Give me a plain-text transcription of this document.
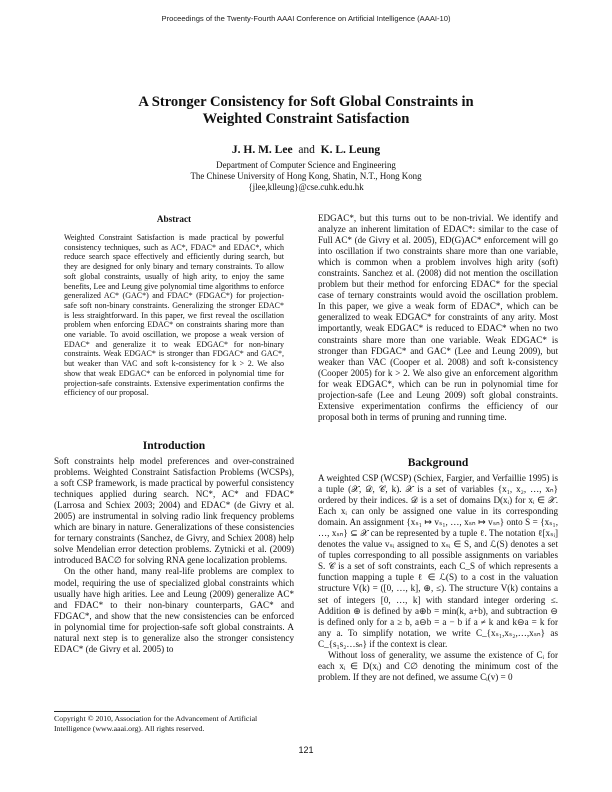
Proceedings of the Twenty-Fourth AAAI Conference on Artificial Intelligence (AAAI-10)
A Stronger Consistency for Soft Global Constraints in
Weighted Constraint Satisfaction
J. H. M. Lee and K. L. Leung
Department of Computer Science and Engineering
The Chinese University of Hong Kong, Shatin, N.T., Hong Kong
{jlee,klleung}@cse.cuhk.edu.hk
Abstract
Weighted Constraint Satisfaction is made practical by powerful consistency techniques, such as AC*, FDAC* and EDAC*, which reduce search space effectively and efficiently during search, but they are designed for only binary and ternary constraints. To allow soft global constraints, usually of high arity, to enjoy the same benefits, Lee and Leung give polynomial time algorithms to enforce generalized AC* (GAC*) and FDAC* (FDGAC*) for projection-safe soft non-binary constraints. Generalizing the stronger EDAC* is less straightforward. In this paper, we first reveal the oscillation problem when enforcing EDAC* on constraints sharing more than one variable. To avoid oscillation, we propose a weak version of EDAC* and generalize it to weak EDGAC* for non-binary constraints. Weak EDGAC* is stronger than FDGAC* and GAC*, but weaker than VAC and soft k-consistency for k > 2. We also show that weak EDGAC* can be enforced in polynomial time for projection-safe constraints. Extensive experimentation confirms the efficiency of our proposal.
Introduction

Soft constraints help model preferences and over-constrained problems. Weighted Constraint Satisfaction Problems (WCSPs), a soft CSP framework, is made practical by powerful consistency techniques applied during search. NC*, AC* and FDAC* (Larrosa and Schiex 2003; 2004) and EDAC* (de Givry et al. 2005) are instrumental in solving radio link frequency problems which are binary in nature. Generalizations of these consistencies for ternary constraints (Sanchez, de Givry, and Schiex 2008) help solve Mendelian error detection problems. Zytnicki et al. (2009) introduced BAC∅ for solving RNA gene localization problems.

On the other hand, many real-life problems are complex to model, requiring the use of specialized global constraints which usually have high arities. Lee and Leung (2009) generalize AC* and FDAC* to their non-binary counterparts, GAC* and FDGAC*, and show that the new consistencies can be enforced in polynomial time for projection-safe soft global constraints. A natural next step is to generalize also the stronger consistency EDAC* (de Givry et al. 2005) to

Copyright © 2010, Association for the Advancement of Artificial Intelligence (www.aaai.org). All rights reserved.

EDGAC*, but this turns out to be non-trivial. We identify and analyze an inherent limitation of EDAC*: similar to the case of Full AC* (de Givry et al. 2005), ED(G)AC* enforcement will go into oscillation if two constraints share more than one variable, which is common when a problem involves high arity (soft) constraints. Sanchez et al. (2008) did not mention the oscillation problem but their method for enforcing EDAC* for the special case of ternary constraints would avoid the oscillation problem. In this paper, we give a weak form of EDAC*, which can be generalized to weak EDGAC* for constraints of any arity. Most importantly, weak EDGAC* is reduced to EDAC* when no two constraints share more than one variable. Weak EDGAC* is stronger than FDGAC* and GAC* (Lee and Leung 2009), but weaker than VAC (Cooper et al. 2008) and soft k-consistency (Cooper 2005) for k > 2. We also give an enforcement algorithm for weak EDGAC*, which can be run in polynomial time for projection-safe (Lee and Leung 2009) soft global constraints. Extensive experimentation confirms the efficiency of our proposal both in terms of pruning and running time.

Background

A weighted CSP (WCSP) (Schiex, Fargier, and Verfaillie 1995) is a tuple (𝒳, 𝒟, 𝒞, k). 𝒳 is a set of variables {x₁, x₂, …, xₙ} ordered by their indices. 𝒟 is a set of domains D(xᵢ) for xᵢ ∈ 𝒳. Each xᵢ can only be assigned one value in its corresponding domain. An assignment {xₛ₁ ↦ vₛ₁, …, xₛₙ ↦ vₛₙ} onto S = {xₛ₁, …, xₛₙ} ⊆ 𝒳 can be represented by a tuple ℓ. The notation ℓ[xₛᵢ] denotes the value vₛᵢ assigned to xₛᵢ ∈ S, and ℒ(S) denotes a set of tuples corresponding to all possible assignments on variables S. 𝒞 is a set of soft constraints, each C_S of which represents a function mapping a tuple ℓ ∈ ℒ(S) to a cost in the valuation structure V(k) = ([0, …, k], ⊕, ≤). The structure V(k) contains a set of integers [0, …, k] with standard integer ordering ≤. Addition ⊕ is defined by a⊕b = min(k, a+b), and subtraction ⊖ is defined only for a ≥ b, a⊖b = a − b if a ≠ k and k⊖a = k for any a. To simplify notation, we write C_{xₛ₁,xₛ₂,…,xₛₙ} as C_{s₁s₂…sₙ} if the context is clear.

Without loss of generality, we assume the existence of Cᵢ for each xᵢ ∈ D(xᵢ) and C∅ denoting the minimum cost of the problem. If they are not defined, we assume Cᵢ(v) = 0

121
